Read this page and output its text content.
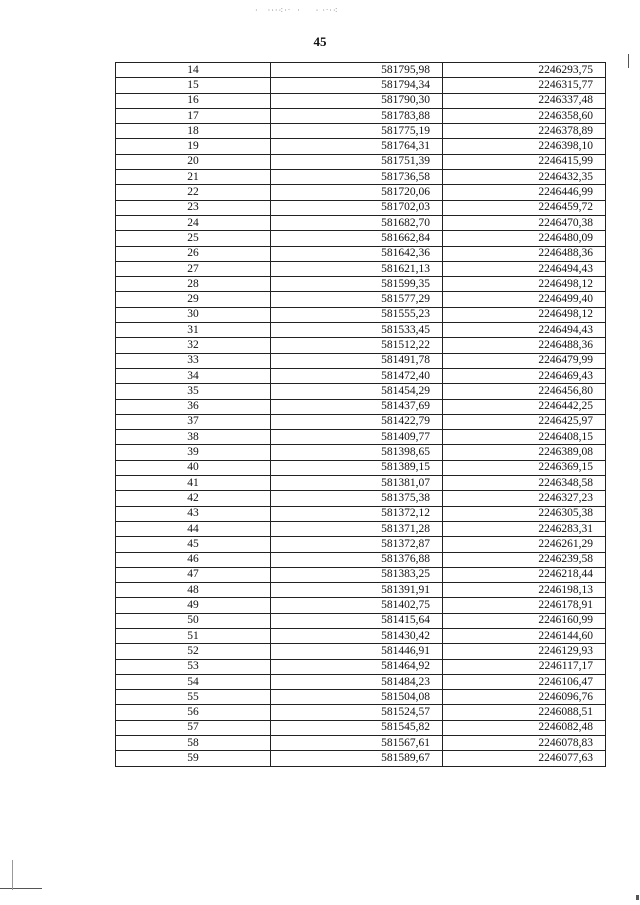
· . ·‧·⁖·ˑ. · . . ‧ ·ˑ·⁖ .
45
14	581795,98	2246293,75
15	581794,34	2246315,77
16	581790,30	2246337,48
17	581783,88	2246358,60
18	581775,19	2246378,89
19	581764,31	2246398,10
20	581751,39	2246415,99
21	581736,58	2246432,35
22	581720,06	2246446,99
23	581702,03	2246459,72
24	581682,70	2246470,38
25	581662,84	2246480,09
26	581642,36	2246488,36
27	581621,13	2246494,43
28	581599,35	2246498,12
29	581577,29	2246499,40
30	581555,23	2246498,12
31	581533,45	2246494,43
32	581512,22	2246488,36
33	581491,78	2246479,99
34	581472,40	2246469,43
35	581454,29	2246456,80
36	581437,69	2246442,25
37	581422,79	2246425,97
38	581409,77	2246408,15
39	581398,65	2246389,08
40	581389,15	2246369,15
41	581381,07	2246348,58
42	581375,38	2246327,23
43	581372,12	2246305,38
44	581371,28	2246283,31
45	581372,87	2246261,29
46	581376,88	2246239,58
47	581383,25	2246218,44
48	581391,91	2246198,13
49	581402,75	2246178,91
50	581415,64	2246160,99
51	581430,42	2246144,60
52	581446,91	2246129,93
53	581464,92	2246117,17
54	581484,23	2246106,47
55	581504,08	2246096,76
56	581524,57	2246088,51
57	581545,82	2246082,48
58	581567,61	2246078,83
59	581589,67	2246077,63
